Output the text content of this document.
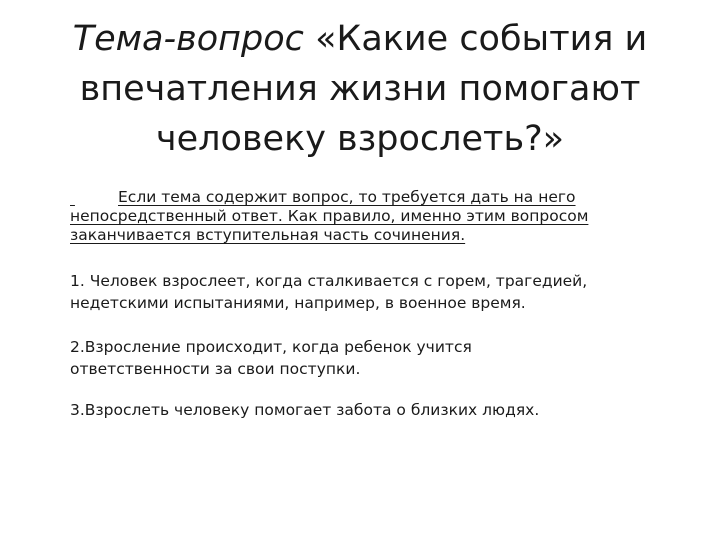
Тема-вопрос «Какие события и
впечатления жизни помогают
человеку взрослеть?»
Если тема содержит вопрос, то требуется дать на него
непосредственный ответ. Как правило, именно этим вопросом
заканчивается вступительная часть сочинения.
1. Человек взрослеет, когда сталкивается с горем, трагедией,
недетскими испытаниями, например, в военное время.
2.Взросление происходит, когда ребенок учится
ответственности за свои поступки.
3.Взрослеть человеку помогает забота о близких людях.
